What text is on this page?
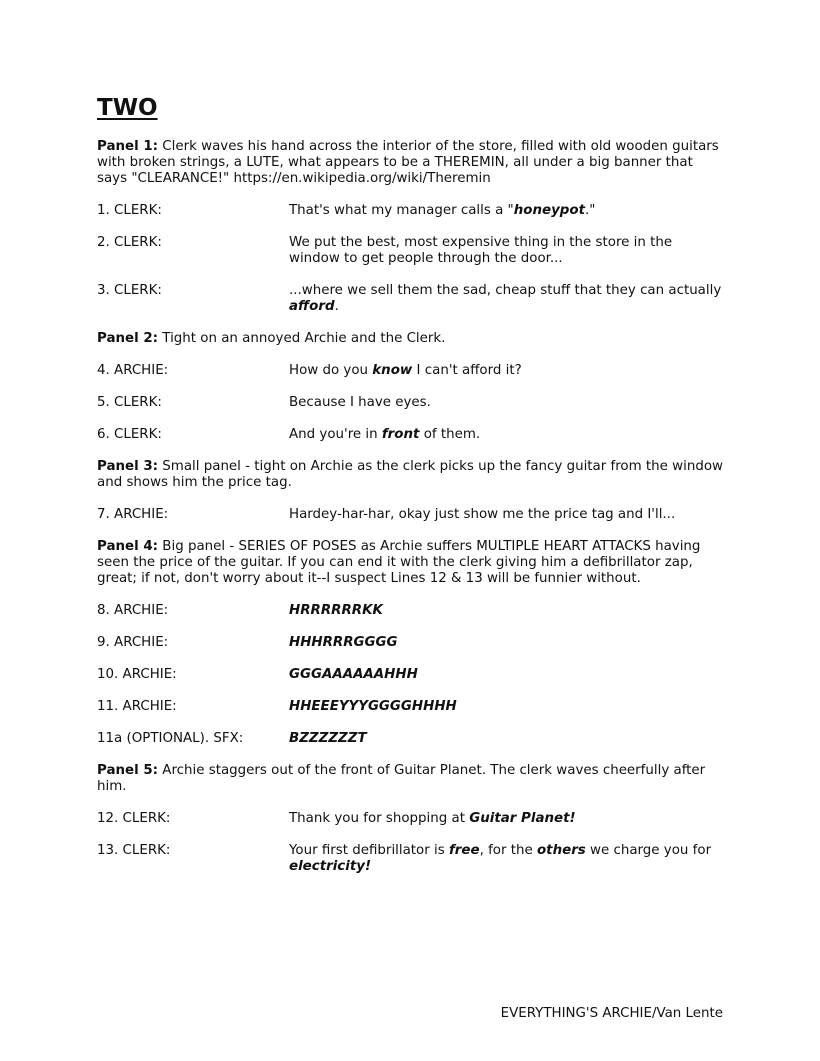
TWO
Panel 1: Clerk waves his hand across the interior of the store, filled with old wooden guitars with broken strings, a LUTE, what appears to be a THEREMIN, all under a big banner that says "CLEARANCE!" https://en.wikipedia.org/wiki/Theremin
1. CLERK:	That's what my manager calls a "honeypot."
2. CLERK:	We put the best, most expensive thing in the store in the window to get people through the door...
3. CLERK:	...where we sell them the sad, cheap stuff that they can actually afford.
Panel 2: Tight on an annoyed Archie and the Clerk.
4. ARCHIE:	How do you know I can't afford it?
5. CLERK:	Because I have eyes.
6. CLERK:	And you're in front of them.
Panel 3: Small panel - tight on Archie as the clerk picks up the fancy guitar from the window and shows him the price tag.
7. ARCHIE:	Hardey-har-har, okay just show me the price tag and I'll...
Panel 4: Big panel - SERIES OF POSES as Archie suffers MULTIPLE HEART ATTACKS having seen the price of the guitar. If you can end it with the clerk giving him a defibrillator zap, great; if not, don't worry about it--I suspect Lines 12 & 13 will be funnier without.
8. ARCHIE:	HRRRRRRKK
9. ARCHIE:	HHHRRRGGGG
10. ARCHIE:	GGGAAAAAAHHH
11. ARCHIE:	HHEEEYYYGGGGHHHH
11a (OPTIONAL). SFX:	BZZZZZZT
Panel 5: Archie staggers out of the front of Guitar Planet. The clerk waves cheerfully after him.
12. CLERK:	Thank you for shopping at Guitar Planet!
13. CLERK:	Your first defibrillator is free, for the others we charge you for electricity!
EVERYTHING'S ARCHIE/Van Lente
